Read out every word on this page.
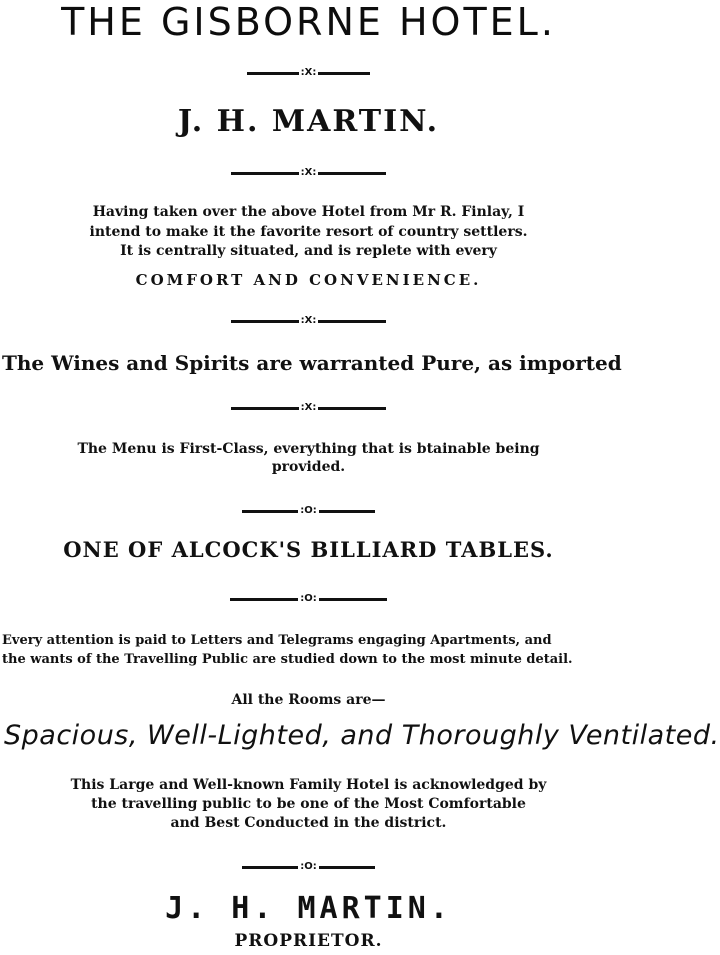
THE GISBORNE HOTEL.
:X:
J. H. MARTIN.
:X:
Having taken over the above Hotel from Mr R. Finlay, I
intend to make it the favorite resort of country settlers.
It is centrally situated, and is replete with every
COMFORT AND CONVENIENCE.
:X:
The Wines and Spirits are warranted Pure, as imported
:X:
The Menu is First-Class, everything that is btainable being
provided.
:O:
ONE OF ALCOCK'S BILLIARD TABLES.
:O:
Every attention is paid to Letters and Telegrams engaging Apartments, and
the wants of the Travelling Public are studied down to the most minute detail.
All the Rooms are—
Spacious, Well-Lighted, and Thoroughly Ventilated.
This Large and Well-known Family Hotel is acknowledged by
the travelling public to be one of the Most Comfortable
and Best Conducted in the district.
:O:
J. H. MARTIN.
PROPRIETOR.
